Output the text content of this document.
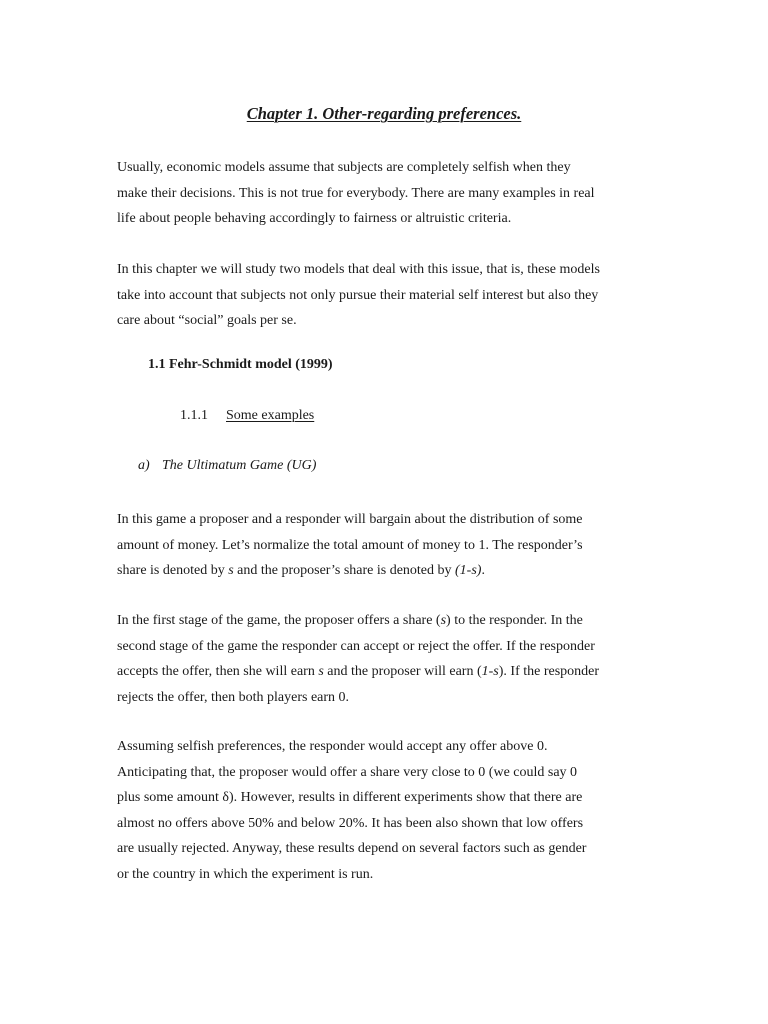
Chapter 1. Other-regarding preferences.

Usually, economic models assume that subjects are completely selfish when they
make their decisions. This is not true for everybody. There are many examples in real
life about people behaving accordingly to fairness or altruistic criteria.

In this chapter we will study two models that deal with this issue, that is, these models
take into account that subjects not only pursue their material self interest but also they
care about “social” goals per se.

1.1 Fehr-Schmidt model (1999)
1.1.1 Some examples
a) The Ultimatum Game (UG)

In this game a proposer and a responder will bargain about the distribution of some
amount of money. Let’s normalize the total amount of money to 1. The responder’s
share is denoted by s and the proposer’s share is denoted by (1-s).

In the first stage of the game, the proposer offers a share (s) to the responder. In the
second stage of the game the responder can accept or reject the offer. If the responder
accepts the offer, then she will earn s and the proposer will earn (1-s). If the responder
rejects the offer, then both players earn 0.

Assuming selfish preferences, the responder would accept any offer above 0.
Anticipating that, the proposer would offer a share very close to 0 (we could say 0
plus some amount δ). However, results in different experiments show that there are
almost no offers above 50% and below 20%. It has been also shown that low offers
are usually rejected. Anyway, these results depend on several factors such as gender
or the country in which the experiment is run.
